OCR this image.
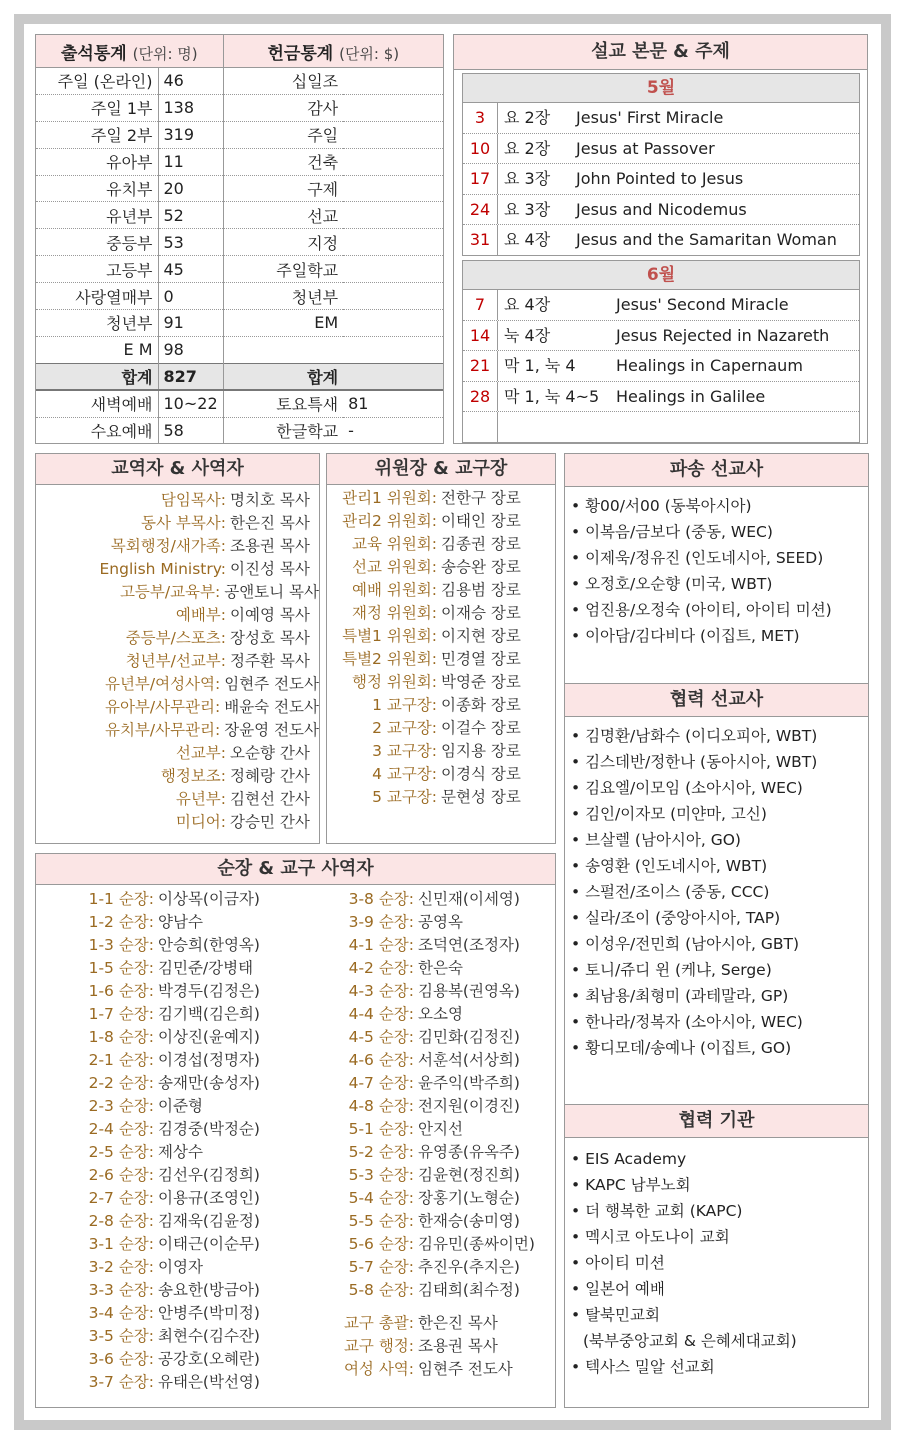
출석통계 (단위: 명)		헌금통계 (단위: $)	
주일 (온라인)	46	십일조	
주일 1부	138	감사	
주일 2부	319	주일	
유아부	11	건축	
유치부	20	구제	
유년부	52	선교	
중등부	53	지정	
고등부	45	주일학교	
사랑열매부	0	청년부	
청년부	91	EM	
E M	98		
합계	827	합계	
새벽예배	10~22	토요특새	81
수요예배	58	한글학교	-
설교 본문 & 주제
5월
3	요 2장	Jesus' First Miracle
10 요 2장	Jesus at Passover
17 요 3장	John Pointed to Jesus
24 요 3장	Jesus and Nicodemus
31 요 4장	Jesus and the Samaritan Woman
6월
7	요 4장	Jesus' Second Miracle
14 눅 4장	Jesus Rejected in Nazareth
21 막 1, 눅 4	Healings in Capernaum
28 막 1, 눅 4~5	Healings in Galilee
교역자 & 사역자
담임목사: 명치호 목사
동사 부목사: 한은진 목사
목회행정/새가족: 조용권 목사
English Ministry: 이진성 목사
고등부/교육부: 공앤토니 목사
예배부: 이예영 목사
중등부/스포츠: 장성호 목사
청년부/선교부: 정주환 목사
유년부/여성사역: 임현주 전도사
유아부/사무관리: 배윤숙 전도사
유치부/사무관리: 장윤영 전도사
선교부: 오순향 간사
행정보조: 정혜랑 간사
유년부: 김현선 간사
미디어: 강승민 간사
위원장 & 교구장
관리1 위원회: 전한구 장로
관리2 위원회: 이태인 장로
교육 위원회: 김종권 장로
선교 위원회: 송승완 장로
예배 위원회: 김용범 장로
재정 위원회: 이재승 장로
특별1 위원회: 이지현 장로
특별2 위원회: 민경열 장로
행정 위원회: 박영준 장로
1 교구장: 이종화 장로
2 교구장: 이걸수 장로
3 교구장: 임지용 장로
4 교구장: 이경식 장로
5 교구장: 문현성 장로
순장 & 교구 사역자
1-1 순장: 이상목(이금자)
1-2 순장: 양남수
1-3 순장: 안승희(한영옥)
1-5 순장: 김민준/강병태
1-6 순장: 박경두(김정은)
1-7 순장: 김기백(김은희)
1-8 순장: 이상진(윤예지)
2-1 순장: 이경섭(정명자)
2-2 순장: 송재만(송성자)
2-3 순장: 이준형
2-4 순장: 김경중(박정순)
2-5 순장: 제상수
2-6 순장: 김선우(김정희)
2-7 순장: 이용규(조영인)
2-8 순장: 김재욱(김윤정)
3-1 순장: 이태근(이순무)
3-2 순장: 이영자
3-3 순장: 송요한(방금아)
3-4 순장: 안병주(박미정)
3-5 순장: 최현수(김수잔)
3-6 순장: 공강호(오혜란)
3-7 순장: 유태은(박선영)
3-8 순장: 신민재(이세영)
3-9 순장: 공영옥
4-1 순장: 조덕연(조정자)
4-2 순장: 한은숙
4-3 순장: 김용복(권영옥)
4-4 순장: 오소영
4-5 순장: 김민화(김정진)
4-6 순장: 서훈석(서상희)
4-7 순장: 윤주익(박주희)
4-8 순장: 전지원(이경진)
5-1 순장: 안지선
5-2 순장: 유영종(유옥주)
5-3 순장: 김윤현(정진희)
5-4 순장: 장홍기(노형순)
5-5 순장: 한재승(송미영)
5-6 순장: 김유민(종싸이먼)
5-7 순장: 추진우(추지은)
5-8 순장: 김태희(최수정)
교구 총괄: 한은진 목사
교구 행정: 조용권 목사
여성 사역: 임현주 전도사
파송 선교사
• 황00/서00 (동북아시아)
• 이복음/금보다 (중동, WEC)
• 이제욱/정유진 (인도네시아, SEED)
• 오정호/오순향 (미국, WBT)
• 엄진용/오정숙 (아이티, 아이티 미션)
• 이아담/김다비다 (이집트, MET)
협력 선교사
• 김명환/남화수 (이디오피아, WBT)
• 김스데반/정한나 (동아시아, WBT)
• 김요엘/이모임 (소아시아, WEC)
• 김인/이자모 (미얀마, 고신)
• 브살렐 (남아시아, GO)
• 송영환 (인도네시아, WBT)
• 스펄전/조이스 (중동, CCC)
• 실라/조이 (중앙아시아, TAP)
• 이성우/전민희 (남아시아, GBT)
• 토니/쥬디 윈 (케냐, Serge)
• 최남용/최형미 (과테말라, GP)
• 한나라/정복자 (소아시아, WEC)
• 황디모데/송예나 (이집트, GO)
협력 기관
• EIS Academy
• KAPC 남부노회
• 더 행복한 교회 (KAPC)
• 멕시코 아도나이 교회
• 아이티 미션
• 일본어 예배
• 탈북민교회
(북부중앙교회 & 은혜세대교회)
• 텍사스 밀알 선교회
